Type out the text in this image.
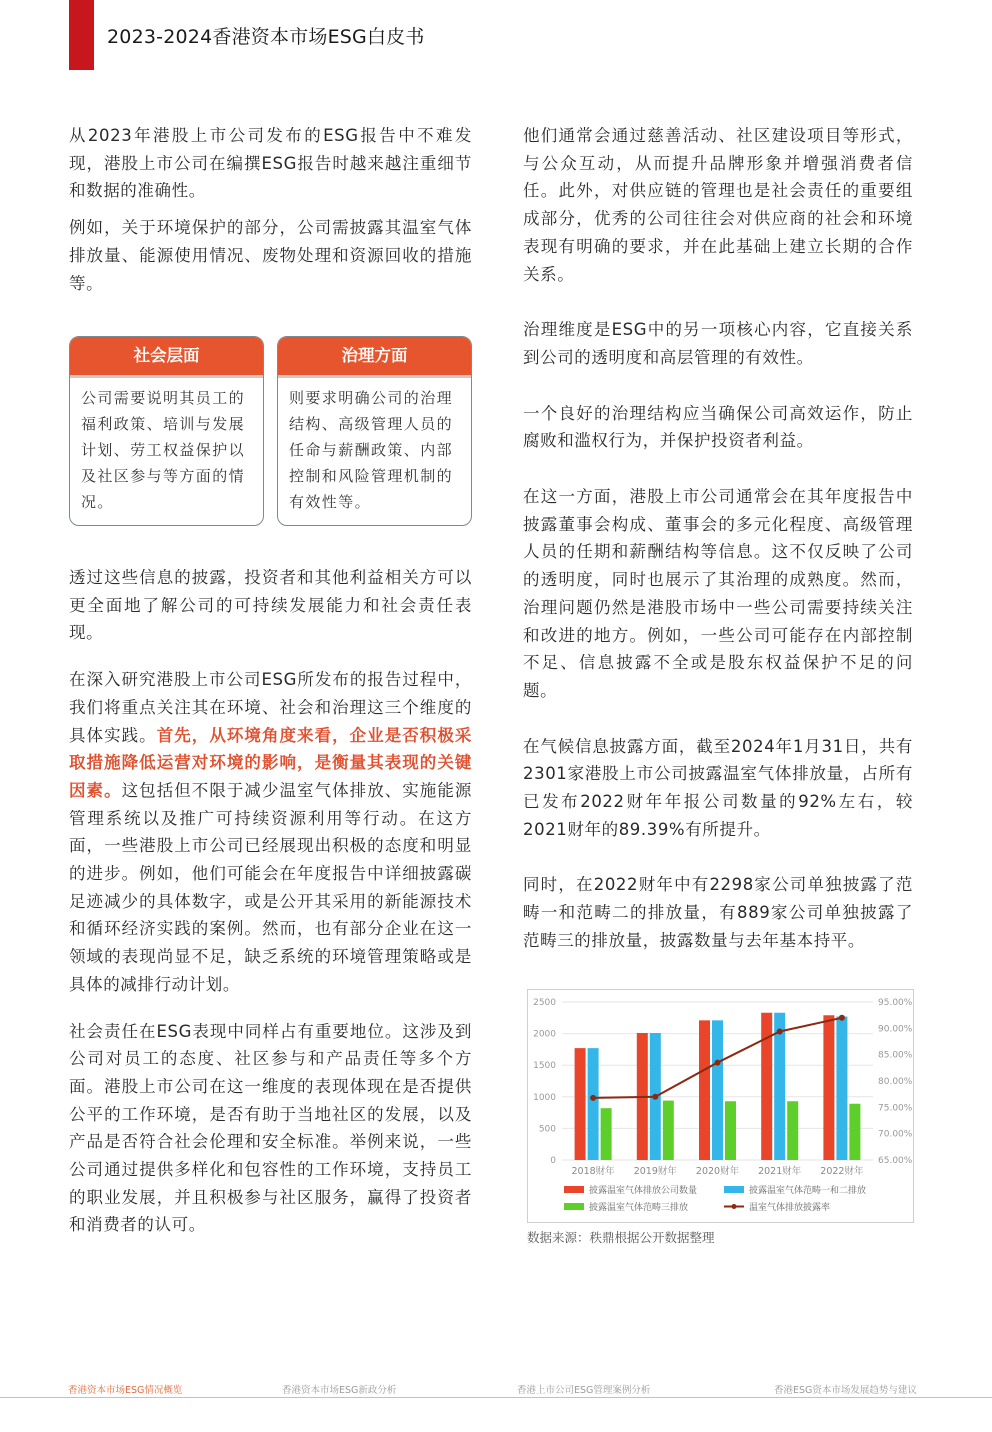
2023-2024香港资本市场ESG白皮书

从2023年港股上市公司发布的ESG报告中不难发现，港股上市公司在编撰ESG报告时越来越注重细节和数据的准确性。

例如，关于环境保护的部分，公司需披露其温室气体排放量、能源使用情况、废物处理和资源回收的措施等。

社会层面
公司需要说明其员工的福利政策、培训与发展计划、劳工权益保护以及社区参与等方面的情况。
治理方面
则要求明确公司的治理结构、高级管理人员的任命与薪酬政策、内部控制和风险管理机制的有效性等。

透过这些信息的披露，投资者和其他利益相关方可以更全面地了解公司的可持续发展能力和社会责任表现。

在深入研究港股上市公司ESG所发布的报告过程中，我们将重点关注其在环境、社会和治理这三个维度的具体实践。首先，从环境角度来看，企业是否积极采取措施降低运营对环境的影响，是衡量其表现的关键因素。这包括但不限于减少温室气体排放、实施能源管理系统以及推广可持续资源利用等行动。在这方面，一些港股上市公司已经展现出积极的态度和明显的进步。例如，他们可能会在年度报告中详细披露碳足迹减少的具体数字，或是公开其采用的新能源技术和循环经济实践的案例。然而，也有部分企业在这一领域的表现尚显不足，缺乏系统的环境管理策略或是具体的减排行动计划。

社会责任在ESG表现中同样占有重要地位。这涉及到公司对员工的态度、社区参与和产品责任等多个方面。港股上市公司在这一维度的表现体现在是否提供公平的工作环境，是否有助于当地社区的发展，以及产品是否符合社会伦理和安全标准。举例来说，一些公司通过提供多样化和包容性的工作环境，支持员工的职业发展，并且积极参与社区服务，赢得了投资者和消费者的认可。

他们通常会通过慈善活动、社区建设项目等形式，与公众互动，从而提升品牌形象并增强消费者信任。此外，对供应链的管理也是社会责任的重要组成部分，优秀的公司往往会对供应商的社会和环境表现有明确的要求，并在此基础上建立长期的合作关系。

治理维度是ESG中的另一项核心内容，它直接关系到公司的透明度和高层管理的有效性。

一个良好的治理结构应当确保公司高效运作，防止腐败和滥权行为，并保护投资者利益。

在这一方面，港股上市公司通常会在其年度报告中披露董事会构成、董事会的多元化程度、高级管理人员的任期和薪酬结构等信息。这不仅反映了公司的透明度，同时也展示了其治理的成熟度。然而，治理问题仍然是港股市场中一些公司需要持续关注和改进的地方。例如，一些公司可能存在内部控制不足、信息披露不全或是股东权益保护不足的问题。

在气候信息披露方面，截至2024年1月31日，共有2301家港股上市公司披露温室气体排放量，占所有已发布2022财年年报公司数量的92%左右，较2021财年的89.39%有所提升。

同时，在2022财年中有2298家公司单独披露了范畴一和范畴二的排放量，有889家公司单独披露了范畴三的排放量，披露数量与去年基本持平。

0
500
1000
1500
2000
2500
65.00%
70.00%
75.00%
80.00%
85.00%
90.00%
95.00%
2018财年 2019财年 2020财年 2021财年 2022财年
披露温室气体排放公司数量	披露温室气体范畴一和二排放
披露温室气体范畴三排放	温室气体排放披露率
数据来源：秩鼎根据公开数据整理
香港资本市场ESG情况概览	香港资本市场ESG新政分析	香港上市公司ESG管理案例分析	香港ESG资本市场发展趋势与建议
